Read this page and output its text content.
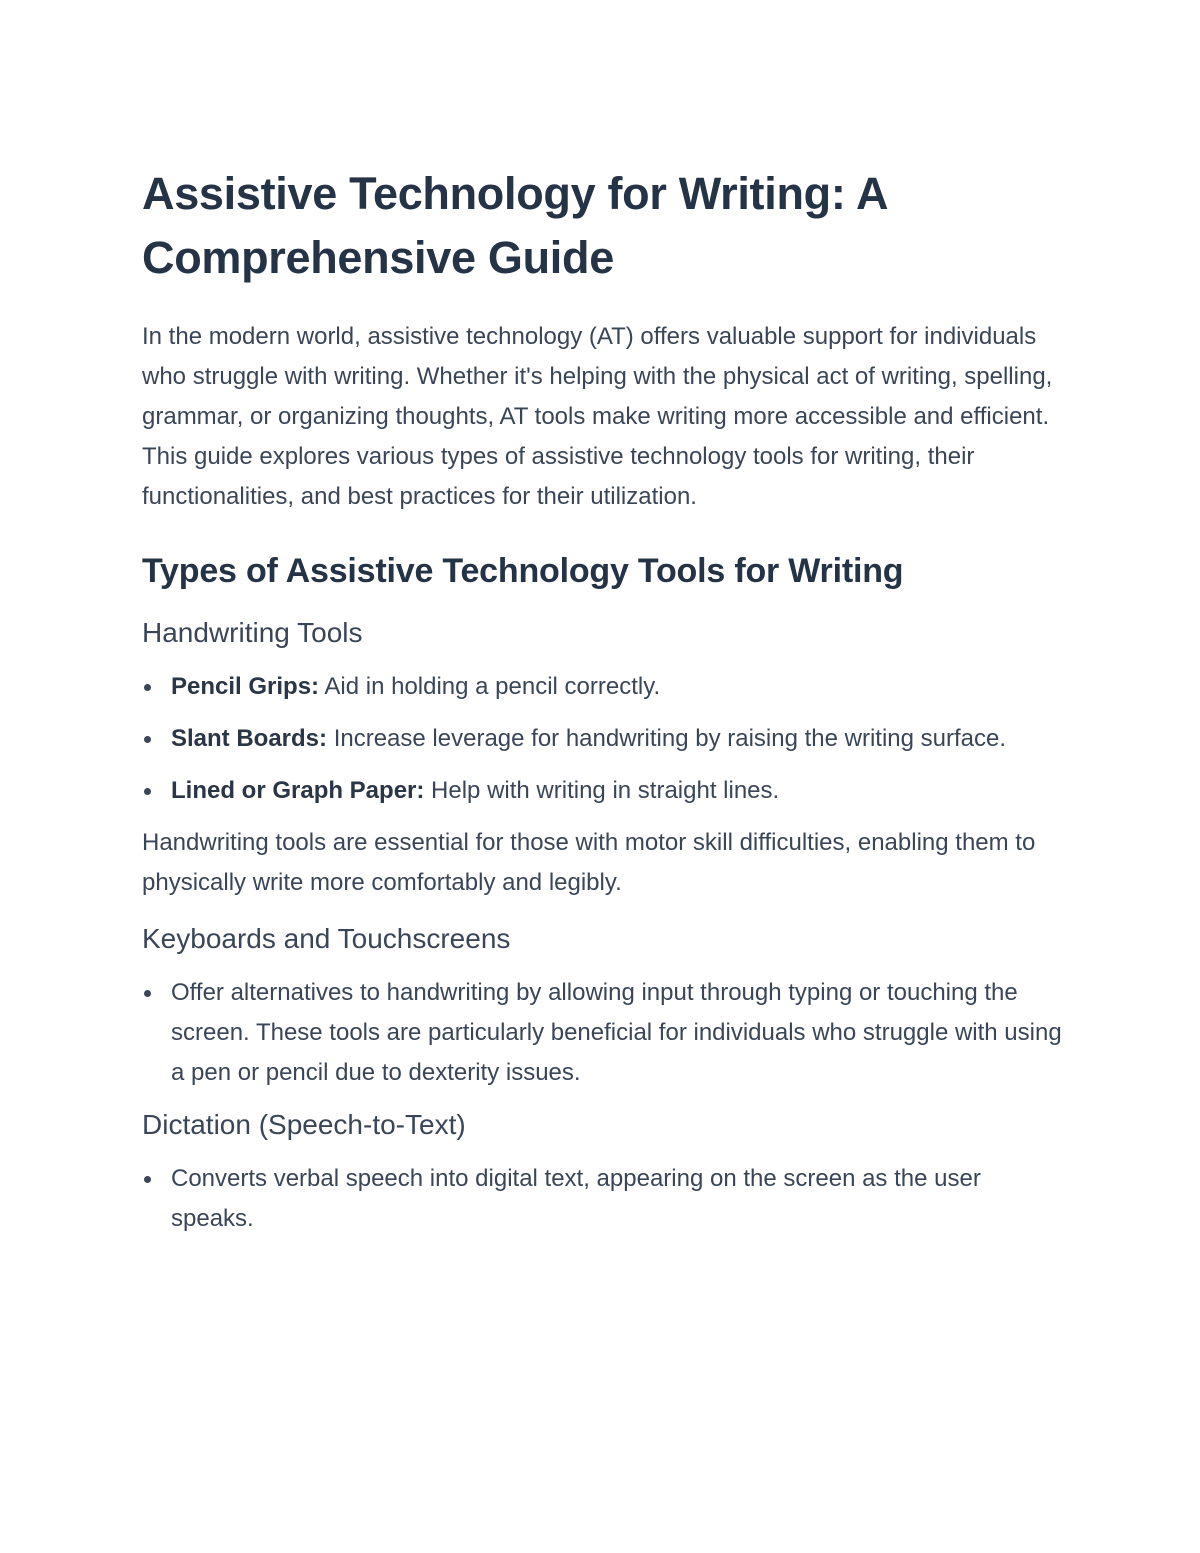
Assistive Technology for Writing: A Comprehensive Guide

In the modern world, assistive technology (AT) offers valuable support for individuals who struggle with writing. Whether it's helping with the physical act of writing, spelling, grammar, or organizing thoughts, AT tools make writing more accessible and efficient. This guide explores various types of assistive technology tools for writing, their functionalities, and best practices for their utilization.

Types of Assistive Technology Tools for Writing
Handwriting Tools
Pencil Grips: Aid in holding a pencil correctly.
Slant Boards: Increase leverage for handwriting by raising the writing surface.
Lined or Graph Paper: Help with writing in straight lines.

Handwriting tools are essential for those with motor skill difficulties, enabling them to physically write more comfortably and legibly.

Keyboards and Touchscreens
Offer alternatives to handwriting by allowing input through typing or touching the screen. These tools are particularly beneficial for individuals who struggle with using a pen or pencil due to dexterity issues.
Dictation (Speech-to-Text)
Converts verbal speech into digital text, appearing on the screen as the user speaks.
